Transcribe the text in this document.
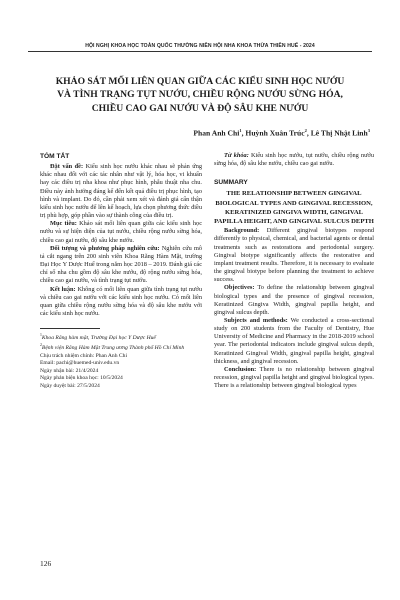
HỘI NGHỊ KHOA HỌC TOÀN QUỐC THƯỜNG NIÊN HỘI NHA KHOA THỪA THIÊN HUẾ - 2024
KHẢO SÁT MỐI LIÊN QUAN GIỮA CÁC KIỂU SINH HỌC NƯỚU
VÀ TÌNH TRẠNG TỤT NƯỚU, CHIỀU RỘNG NƯỚU SỪNG HÓA,
CHIỀU CAO GAI NƯỚU VÀ ĐỘ SÂU KHE NƯỚU
Phan Anh Chi$^1$, Huỳnh Xuân Trúc$^2$, Lê Thị Nhật Linh$^3$
TÓM TẮT

Đặt vấn đề: Kiểu sinh học nướu khác nhau sẽ phản ứng khác nhau đối với các tác nhân như vật lý, hóa học, vi khuẩn hay các điều trị nha khoa như phục hình, phẫu thuật nha chu. Điều này ảnh hưởng đáng kể đến kết quả điều trị phục hình, tạo hình và implant. Do đó, cần phải xem xét và đánh giá cẩn thận kiểu sinh học nướu để lên kế hoạch, lựa chọn phương thức điều trị phù hợp, góp phần vào sự thành công của điều trị.

Mục tiêu: Khảo sát mối liên quan giữa các kiểu sinh học nướu và sự hiện diện của tụt nướu, chiều rộng nướu sừng hóa, chiều cao gai nướu, độ sâu khe nướu.

Đối tượng và phương pháp nghiên cứu: Nghiên cứu mô tả cắt ngang trên 200 sinh viên Khoa Răng Hàm Mặt, trường Đại Học Y Dược Huế trong năm học 2018 – 2019. Đánh giá các chỉ số nha chu gồm độ sâu khe nướu, độ rộng nướu sừng hóa, chiều cao gai nướu, và tình trạng tụt nướu.

Kết luận: Không có mối liên quan giữa tình trạng tụt nướu và chiều cao gai nướu với các kiểu sinh học nướu. Có mối liên quan giữa chiều rộng nướu sừng hóa và độ sâu khe nướu với các kiểu sinh học nướu.

$^1$Khoa Răng hàm mặt, Trường Đại học Y Dược Huế
$^2$Bệnh viện Răng Hàm Mặt Trung ương Thành phố Hồ Chí Minh
Chịu trách nhiệm chính: Phan Anh Chi
Email: pachi@huemed-univ.edu.vn
Ngày nhận bài: 21/4/2024
Ngày phản biện khoa học: 10/5/2024
Ngày duyệt bài: 27/5/2024

Từ khóa: Kiểu sinh học nướu, tụt nướu, chiều rộng nướu sừng hóa, độ sâu khe nướu, chiều cao gai nướu.

SUMMARY
THE RELATIONSHIP BETWEEN GINGIVAL BIOLOGICAL TYPES AND GINGIVAL RECESSION, KERATINIZED GINGIVA WIDTH, GINGIVAL PAPILLA HEIGHT, AND GINGIVAL SULCUS DEPTH

Background: Different gingival biotypes respond differently to physical, chemical, and bacterial agents or dental treatments such as restorations and periodontal surgery. Gingival biotype significantly affects the restorative and implant treatment results. Therefore, it is necessary to evaluate the gingival biotype before planning the treatment to achieve success.

Objectives: To define the relationship between gingival biological types and the presence of gingival recession, Keratinized Gingiva Width, gingival papilla height, and gingival sulcus depth.

Subjects and methods: We conducted a cross-sectional study on 200 students from the Faculty of Dentistry, Hue University of Medicine and Pharmacy in the 2018-2019 school year. The periodontal indicators include gingival sulcus depth, Keratinized Gingival Width, gingival papilla height, gingival thickness, and gingival recession.

Conclusion: There is no relationship between gingival recession, gingival papilla height and gingival biological types. There is a relationship between gingival biological types

126
